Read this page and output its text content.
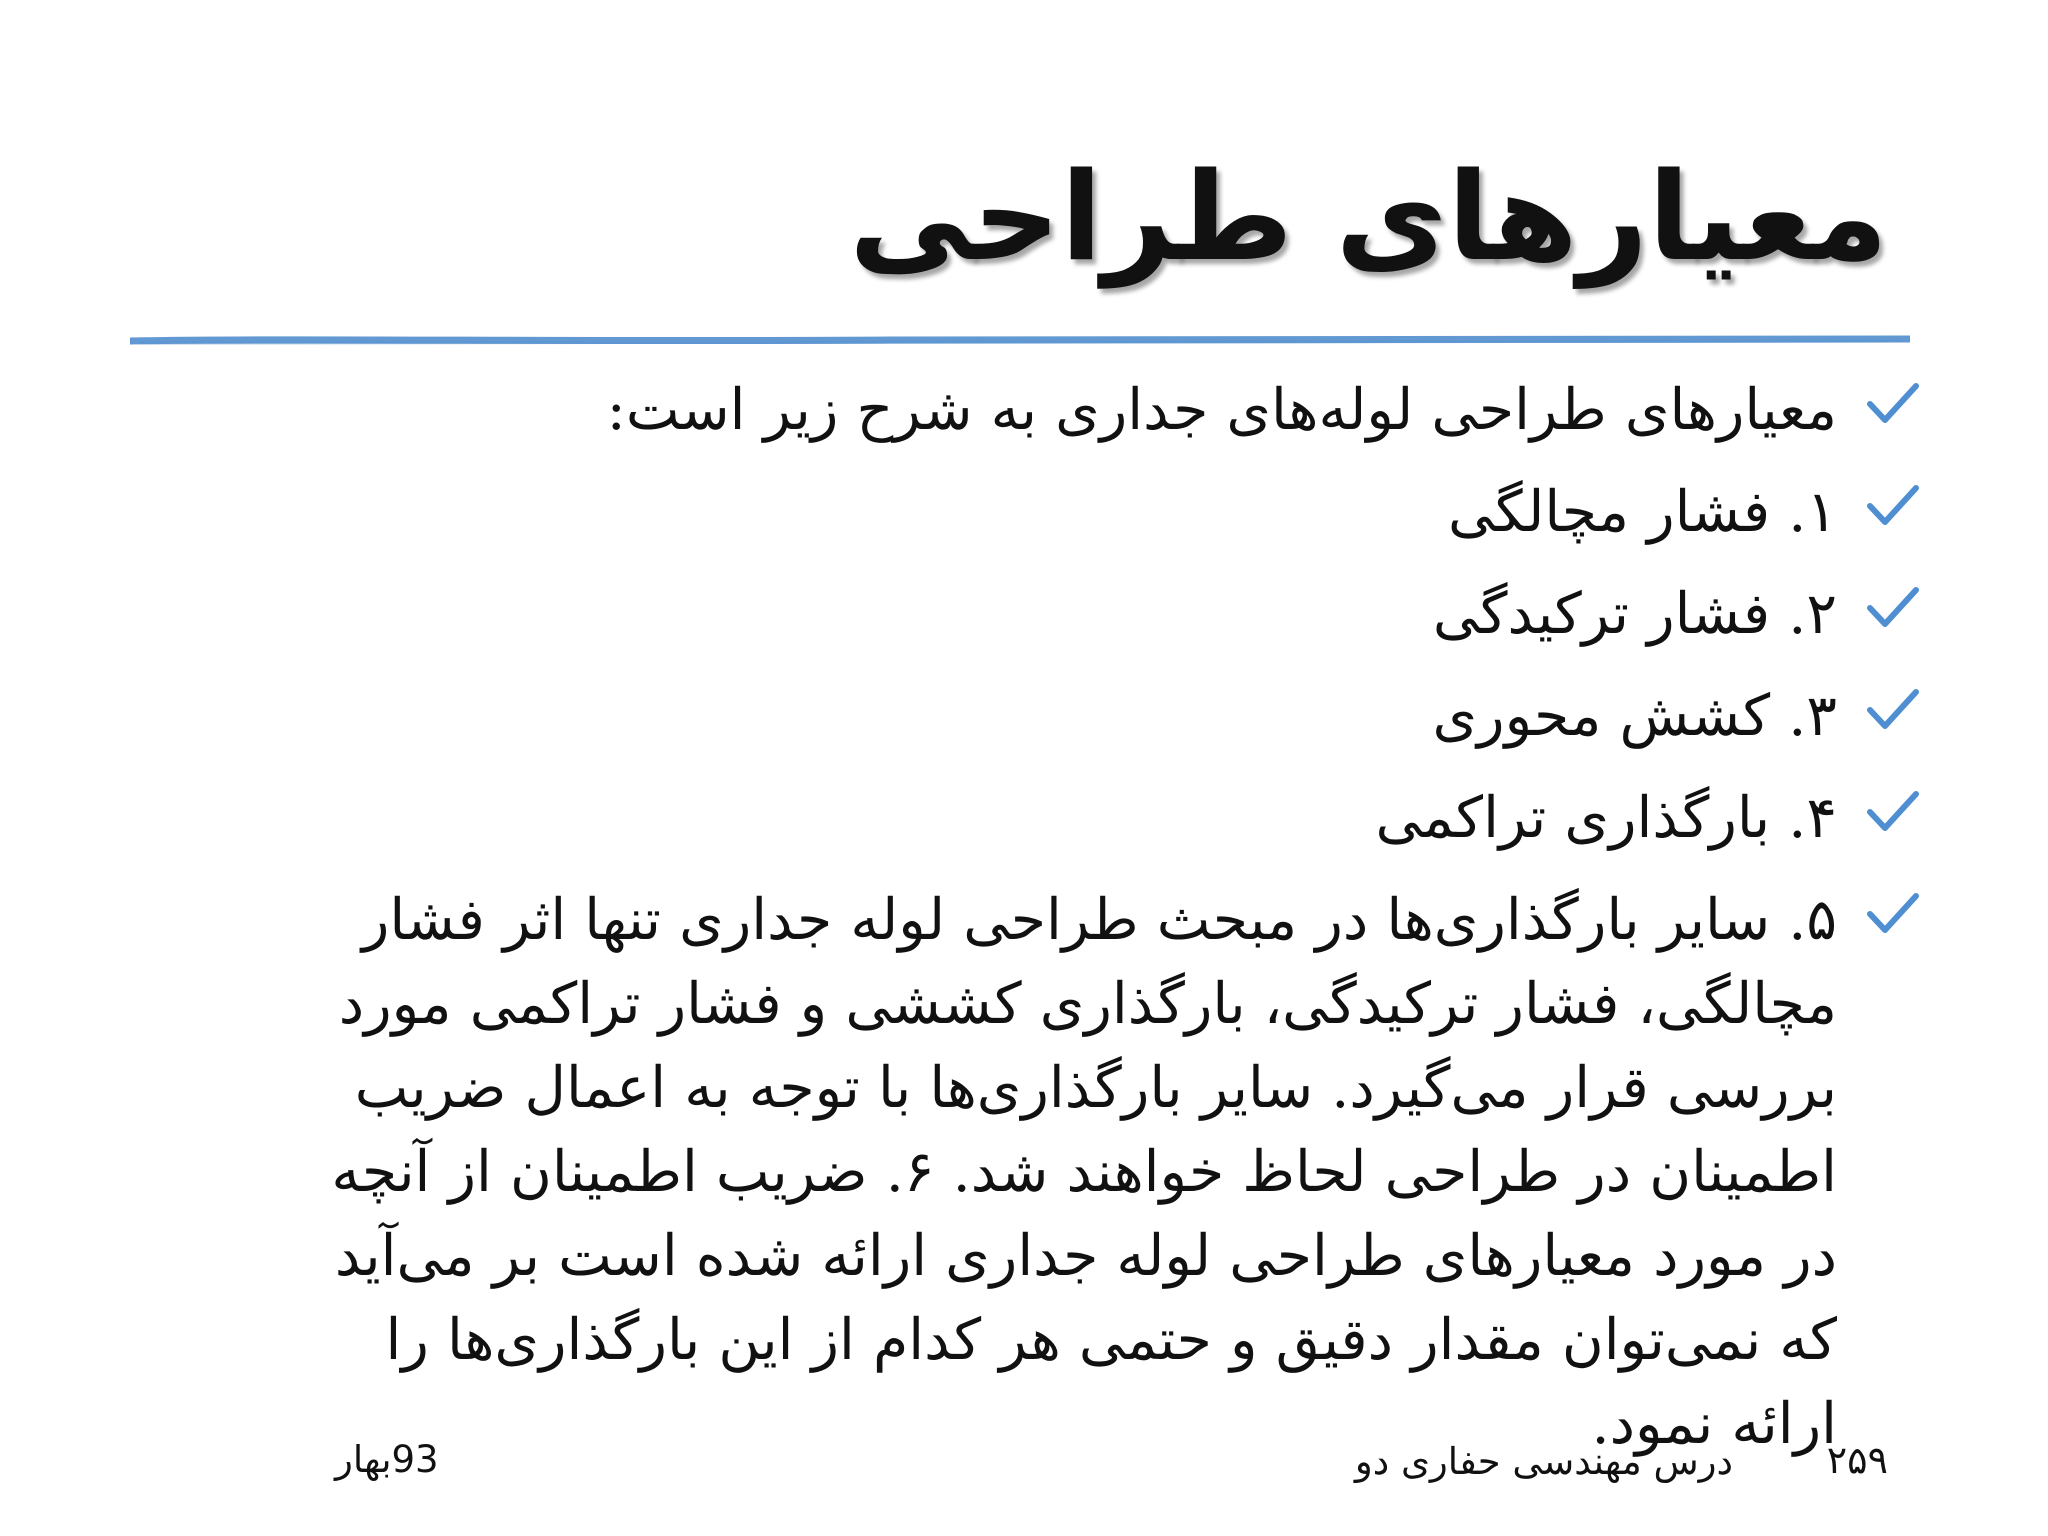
معیارهای طراحی
معیارهای طراحی لوله‌های جداری به شرح زیر است:
۱. فشار مچالگی
۲. فشار ترکیدگی
۳. کشش محوری
۴. بارگذاری تراکمی
۵. سایر بارگذاری‌ها در مبحث طراحی لوله جداری تنها اثر فشار مچالگی، فشار ترکیدگی، بارگذاری کششی و فشار تراکمی مورد بررسی قرار می‌گیرد. سایر بارگذاری‌ها با توجه به اعمال ضریب اطمینان در طراحی لحاظ خواهند شد. ۶. ضریب اطمینان از آنچه در مورد معیارهای طراحی لوله جداری ارائه شده است بر می‌آید که نمی‌توان مقدار دقیق و حتمی هر کدام از این بارگذاری‌ها را ارائه نمود.
۲۵۹
درس مهندسی حفاری دو
93بهار
